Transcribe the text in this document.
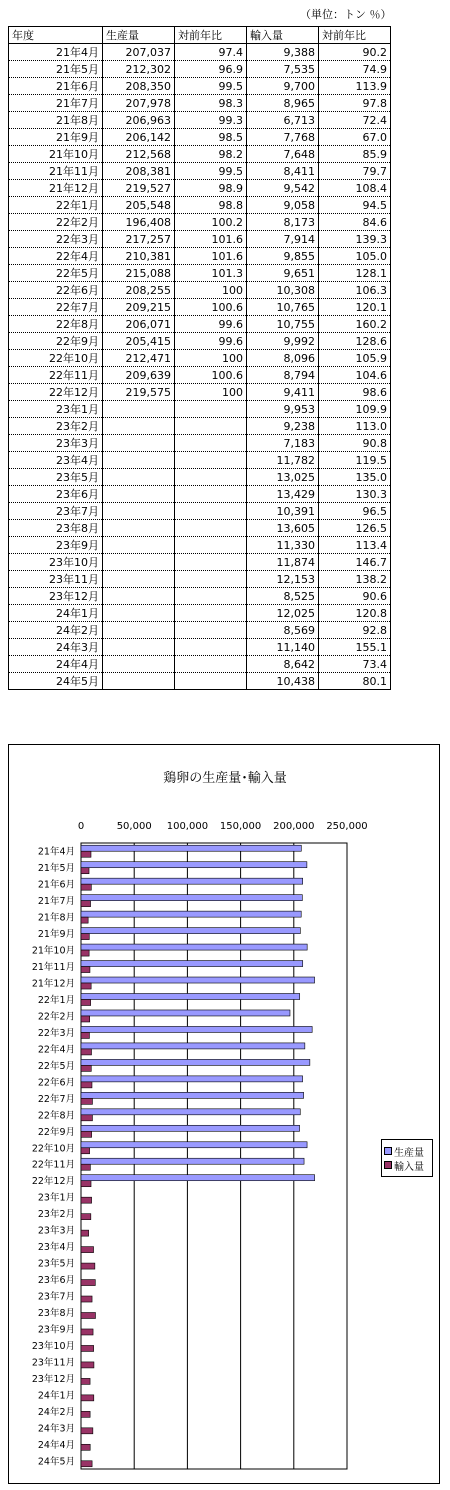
（単位：トン ％）
年度	生産量	対前年比	輸入量	対前年比
21年4月	207,037	97.4	9,388	90.2
21年5月	212,302	96.9	7,535	74.9
21年6月	208,350	99.5	9,700	113.9
21年7月	207,978	98.3	8,965	97.8
21年8月	206,963	99.3	6,713	72.4
21年9月	206,142	98.5	7,768	67.0
21年10月	212,568	98.2	7,648	85.9
21年11月	208,381	99.5	8,411	79.7
21年12月	219,527	98.9	9,542	108.4
22年1月	205,548	98.8	9,058	94.5
22年2月	196,408	100.2	8,173	84.6
22年3月	217,257	101.6	7,914	139.3
22年4月	210,381	101.6	9,855	105.0
22年5月	215,088	101.3	9,651	128.1
22年6月	208,255	100	10,308	106.3
22年7月	209,215	100.6	10,765	120.1
22年8月	206,071	99.6	10,755	160.2
22年9月	205,415	99.6	9,992	128.6
22年10月	212,471	100	8,096	105.9
22年11月	209,639	100.6	8,794	104.6
22年12月	219,575	100	9,411	98.6
23年1月			9,953	109.9
23年2月			9,238	113.0
23年3月			7,183	90.8
23年4月			11,782	119.5
23年5月			13,025	135.0
23年6月			13,429	130.3
23年7月			10,391	96.5
23年8月			13,605	126.5
23年9月			11,330	113.4
23年10月			11,874	146.7
23年11月			12,153	138.2
23年12月			8,525	90.6
24年1月			12,025	120.8
24年2月			8,569	92.8
24年3月			11,140	155.1
24年4月			8,642	73.4
24年5月			10,438	80.1
鶏卵の生産量･輸入量
0	50,000 100,000 150,000 200,000 250,000
21年4月
21年5月
21年6月
21年7月
21年8月
21年9月
21年10月
21年11月
21年12月
22年1月
22年2月
22年3月
22年4月
22年5月
22年6月
22年7月
22年8月
22年9月
22年10月
22年11月
22年12月
23年1月
23年2月
23年3月
23年4月
23年5月
23年6月
23年7月
23年8月
23年9月
23年10月
23年11月
23年12月
24年1月
24年2月
24年3月
24年4月
24年5月
生産量
輸入量
